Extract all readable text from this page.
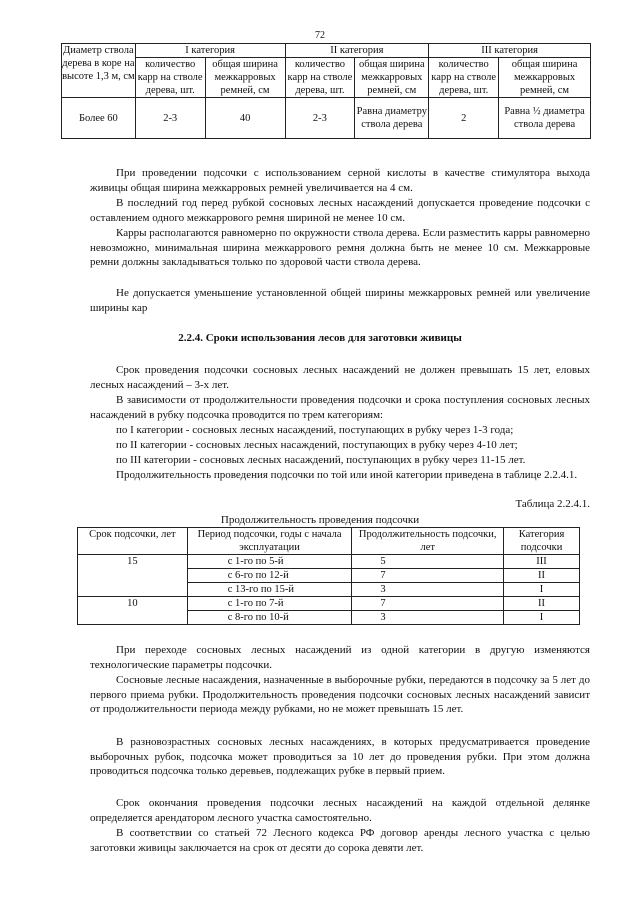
72
Диаметр ствола дерева в коре на высоте 1,3 м, см	I категория		II категория		III категория	
	количество карр на стволе дерева, шт.	общая ширина межкарровых ремней, см	количество карр на стволе дерева, шт.	общая ширина межкарровых ремней, см	количество карр на стволе дерева, шт.	общая ширина межкарровых ремней, см
Более 60	2-3	40	2-3	Равна диаметру ствола дерева	2	Равна ½ диаметра ствола дерева
При проведении подсочки с использованием серной кислоты в качестве стимулятора выхода живицы общая ширина межкарровых ремней увеличивается на 4 см.
В последний год перед рубкой сосновых лесных насаждений допускается проведение подсочки с оставлением одного межкаррового ремня шириной не менее 10 см.
Карры располагаются равномерно по окружности ствола дерева. Если разместить карры равномерно невозможно, минимальная ширина межкаррового ремня должна быть не менее 10 см. Межкарровые ремни должны закладываться только по здоровой части ствола дерева.
Не допускается уменьшение установленной общей ширины межкарровых ремней или увеличение ширины кар
2.2.4. Сроки использования лесов для заготовки живицы
Срок проведения подсочки сосновых лесных насаждений не должен превышать 15 лет, еловых лесных насаждений – 3-х лет.
В зависимости от продолжительности проведения подсочки и срока поступления сосновых лесных насаждений в рубку подсочка проводится по трем категориям:
по I категории - сосновых лесных насаждений, поступающих в рубку через 1-3 года;
по II категории - сосновых лесных насаждений, поступающих в рубку через 4-10 лет;
по III категории - сосновых лесных насаждений, поступающих в рубку через 11-15 лет.
Продолжительность проведения подсочки по той или иной категории приведена в таблице 2.2.4.1.
Таблица 2.2.4.1.
Продолжительность проведения подсочки
Срок подсочки, лет	Период подсочки, годы с начала эксплуатации	Продолжительность подсочки, лет	Категория подсочки
15	с 1-го по 5-й	5	III
	с 6-го по 12-й	7	II
	с 13-го по 15-й	3	I
10	с 1-го по 7-й	7	II
	с 8-го по 10-й	3	I
При переходе сосновых лесных насаждений из одной категории в другую изменяются технологические параметры подсочки.
Сосновые лесные насаждения, назначенные в выборочные рубки, передаются в подсочку за 5 лет до первого приема рубки. Продолжительность проведения подсочки сосновых лесных насаждений зависит от продолжительности периода между рубками, но не может превышать 15 лет.
В разновозрастных сосновых лесных насаждениях, в которых предусматривается проведение выборочных рубок, подсочка может проводиться за 10 лет до проведения рубки. При этом должна проводиться подсочка только деревьев, подлежащих рубке в первый прием.
Срок окончания проведения подсочки лесных насаждений на каждой отдельной делянке определяется арендатором лесного участка самостоятельно.
В соответствии со статьей 72 Лесного кодекса РФ договор аренды лесного участка с целью заготовки живицы заключается на срок от десяти до сорока девяти лет.
